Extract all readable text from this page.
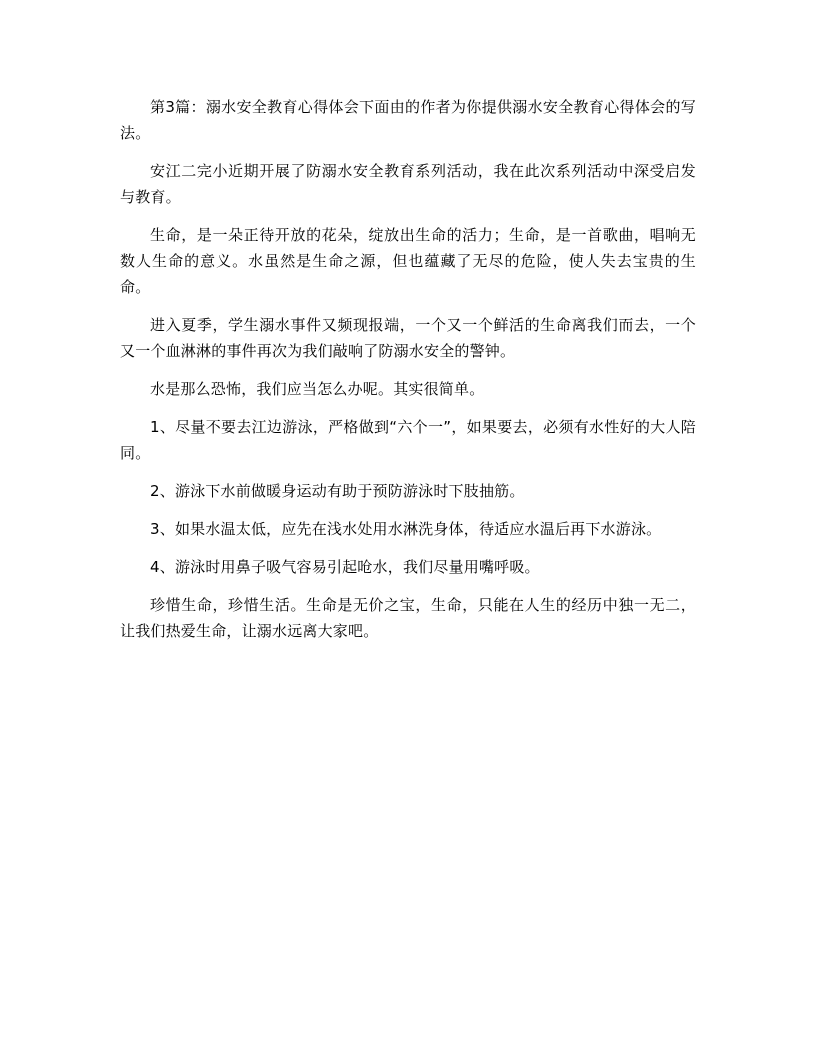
第3篇：溺水安全教育心得体会下面由的作者为你提供溺水安全教育心得体会的写法。

安江二完小近期开展了防溺水安全教育系列活动，我在此次系列活动中深受启发与教育。

生命，是一朵正待开放的花朵，绽放出生命的活力；生命，是一首歌曲，唱响无数人生命的意义。水虽然是生命之源，但也蕴藏了无尽的危险，使人失去宝贵的生命。

进入夏季，学生溺水事件又频现报端，一个又一个鲜活的生命离我们而去，一个又一个血淋淋的事件再次为我们敲响了防溺水安全的警钟。

水是那么恐怖，我们应当怎么办呢。其实很简单。

1、尽量不要去江边游泳，严格做到“六个一”，如果要去，必须有水性好的大人陪同。

2、游泳下水前做暖身运动有助于预防游泳时下肢抽筋。

3、如果水温太低，应先在浅水处用水淋洗身体，待适应水温后再下水游泳。

4、游泳时用鼻子吸气容易引起呛水，我们尽量用嘴呼吸。

珍惜生命，珍惜生活。生命是无价之宝，生命，只能在人生的经历中独一无二，让我们热爱生命，让溺水远离大家吧。
